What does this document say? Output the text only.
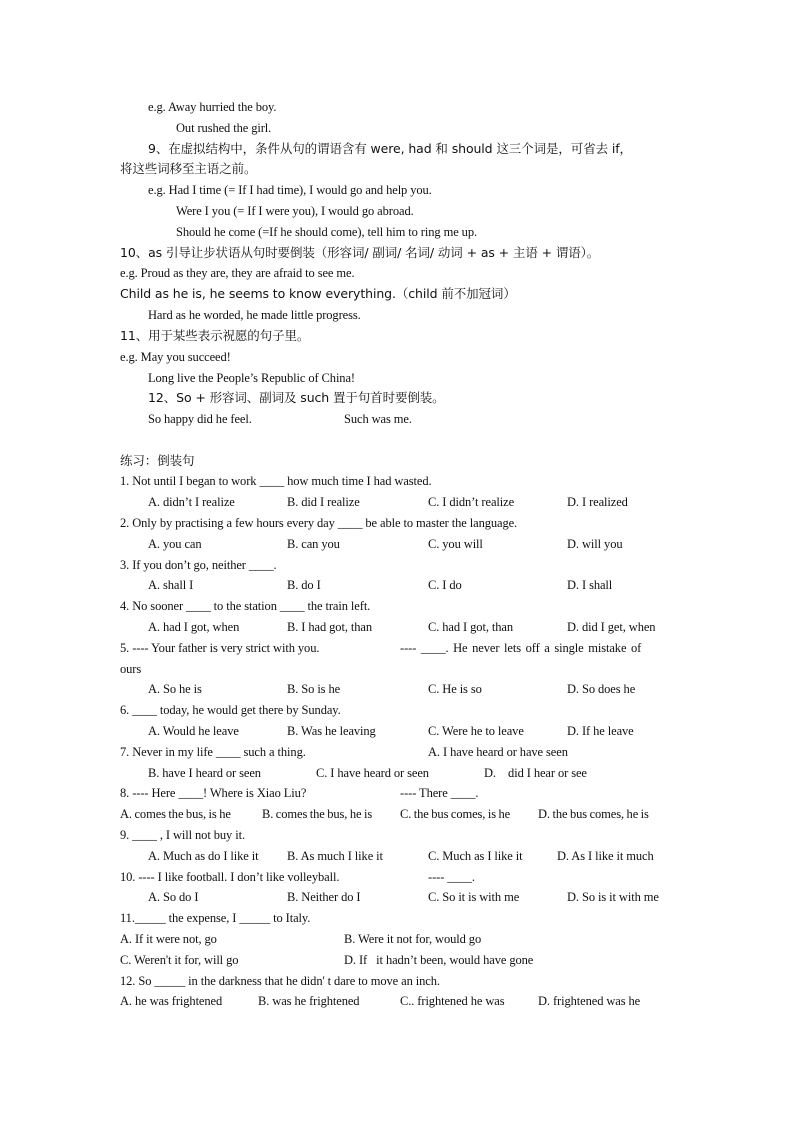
e.g. Away hurried the boy.
Out rushed the girl.
9、在虚拟结构中，条件从句的谓语含有 were, had 和 should 这三个词是，可省去 if，
将这些词移至主语之前。
e.g. Had I time (= If I had time), I would go and help you.
Were I you (= If I were you), I would go abroad.
Should he come (=If he should come), tell him to ring me up.
10、as 引导让步状语从句时要倒装（形容词/ 副词/ 名词/ 动词 + as + 主语 + 谓语）。
e.g. Proud as they are, they are afraid to see me.
Child as he is, he seems to know everything.（child 前不加冠词）
Hard as he worded, he made little progress.
11、用于某些表示祝愿的句子里。
e.g. May you succeed!
Long live the People’s Republic of China!
12、So + 形容词、副词及 such 置于句首时要倒装。
So happy did he feel.	Such was me.
练习：倒装句
1. Not until I began to work ____ how much time I had wasted.
A. didn’t I realize	B. did I realize	C. I didn’t realize	D. I realized
2. Only by practising a few hours every day ____ be able to master the language.
A. you can	B. can you	C. you will	D. will you
3. If you don’t go, neither ____.
A. shall I	B. do I	C. I do	D. I shall
4. No sooner ____ to the station ____ the train left.
A. had I got, when	B. I had got, than	C. had I got, than	D. did I get, when
5. ---- Your father is very strict with you.	---- ____. He never lets off a single mistake of
ours
A. So he is	B. So is he	C. He is so	D. So does he
6. ____ today, he would get there by Sunday.
A. Would he leave	B. Was he leaving	C. Were he to leave	D. If he leave
7. Never in my life ____ such a thing.	A. I have heard or have seen
B. have I heard or seen	C. I have heard or seen	D.    did I hear or see
8. ---- Here ____! Where is Xiao Liu?	---- There ____.
A. comes the bus, is he B. comes the bus, he is C. the bus comes, is he D. the bus comes, he is
9. ____ , I will not buy it.
A. Much as do I like it B. As much I like it	C. Much as I like it	D. As I like it much
10. ---- I like football. I don’t like volleyball.	---- ____.
A. So do I	B. Neither do I	C. So it is with me	D. So is it with me
11._____ the expense, I _____ to Italy.
A. If it were not, go	B. Were it not for, would go
C. Weren't it for, will go	D. If   it hadn’t been, would have gone
12. So _____ in the darkness that he didn' t dare to move an inch.
A. he was frightened	B. was he frightened	C.. frightened he was	D. frightened was he
